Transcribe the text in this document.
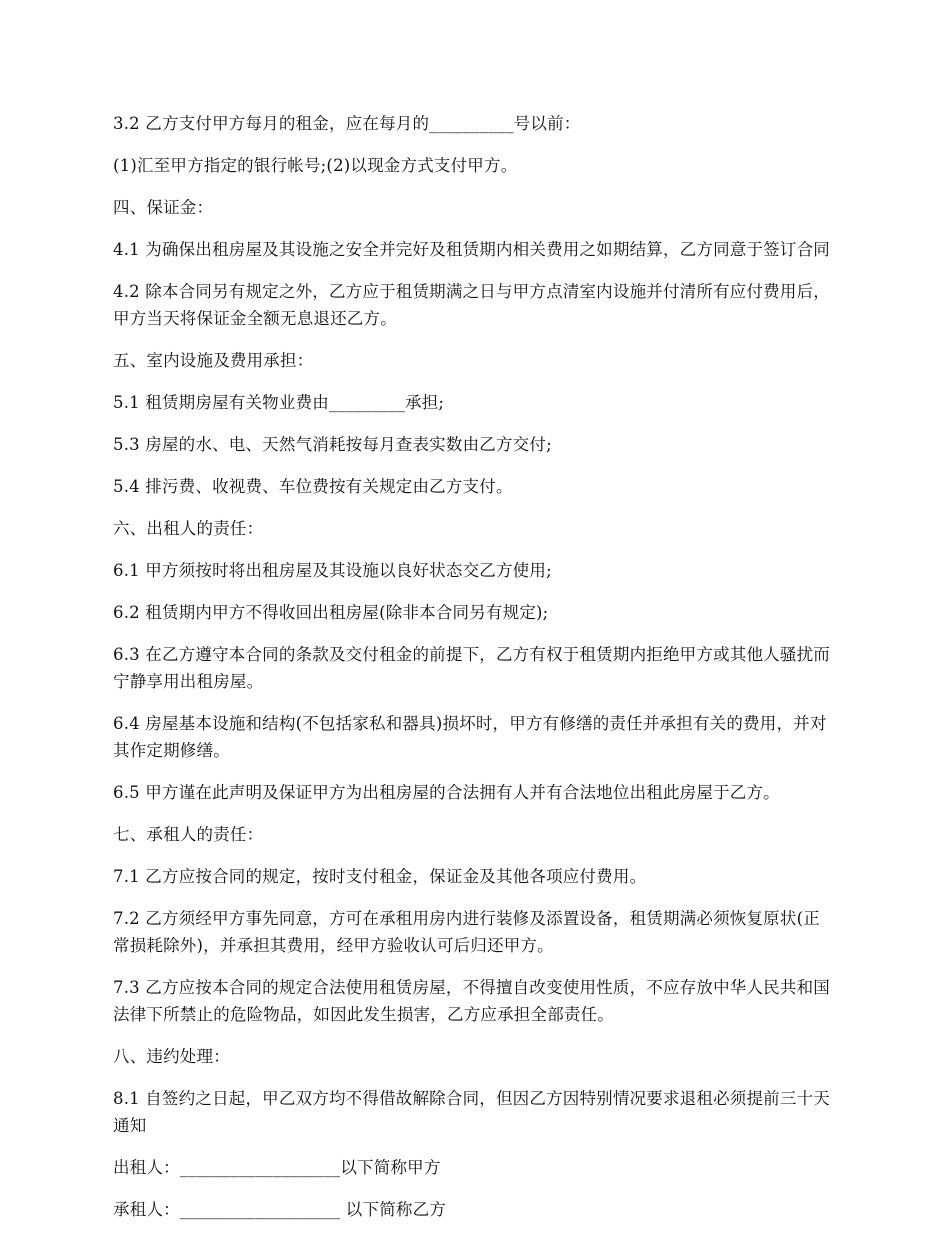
3.2 乙方支付甲方每月的租金，应在每月的__________号以前：

(1)汇至甲方指定的银行帐号;(2)以现金方式支付甲方。

四、保证金：

4.1 为确保出租房屋及其设施之安全并完好及租赁期内相关费用之如期结算，乙方同意于签订合同

4.2 除本合同另有规定之外，乙方应于租赁期满之日与甲方点清室内设施并付清所有应付费用后，甲方当天将保证金全额无息退还乙方。

五、室内设施及费用承担：

5.1 租赁期房屋有关物业费由_________承担;

5.3 房屋的水、电、天然气消耗按每月查表实数由乙方交付;

5.4 排污费、收视费、车位费按有关规定由乙方支付。

六、出租人的责任：

6.1 甲方须按时将出租房屋及其设施以良好状态交乙方使用;

6.2 租赁期内甲方不得收回出租房屋(除非本合同另有规定);

6.3 在乙方遵守本合同的条款及交付租金的前提下，乙方有权于租赁期内拒绝甲方或其他人骚扰而宁静享用出租房屋。

6.4 房屋基本设施和结构(不包括家私和器具)损坏时，甲方有修缮的责任并承担有关的费用，并对其作定期修缮。

6.5 甲方谨在此声明及保证甲方为出租房屋的合法拥有人并有合法地位出租此房屋于乙方。

七、承租人的责任：

7.1 乙方应按合同的规定，按时支付租金，保证金及其他各项应付费用。

7.2 乙方须经甲方事先同意，方可在承租用房内进行装修及添置设备，租赁期满必须恢复原状(正常损耗除外)，并承担其费用，经甲方验收认可后归还甲方。

7.3 乙方应按本合同的规定合法使用租赁房屋，不得擅自改变使用性质，不应存放中华人民共和国法律下所禁止的危险物品，如因此发生损害，乙方应承担全部责任。

八、违约处理：

8.1 自签约之日起，甲乙双方均不得借故解除合同，但因乙方因特别情况要求退租必须提前三十天通知

出租人：___________________以下简称甲方

承租人：___________________ 以下简称乙方
